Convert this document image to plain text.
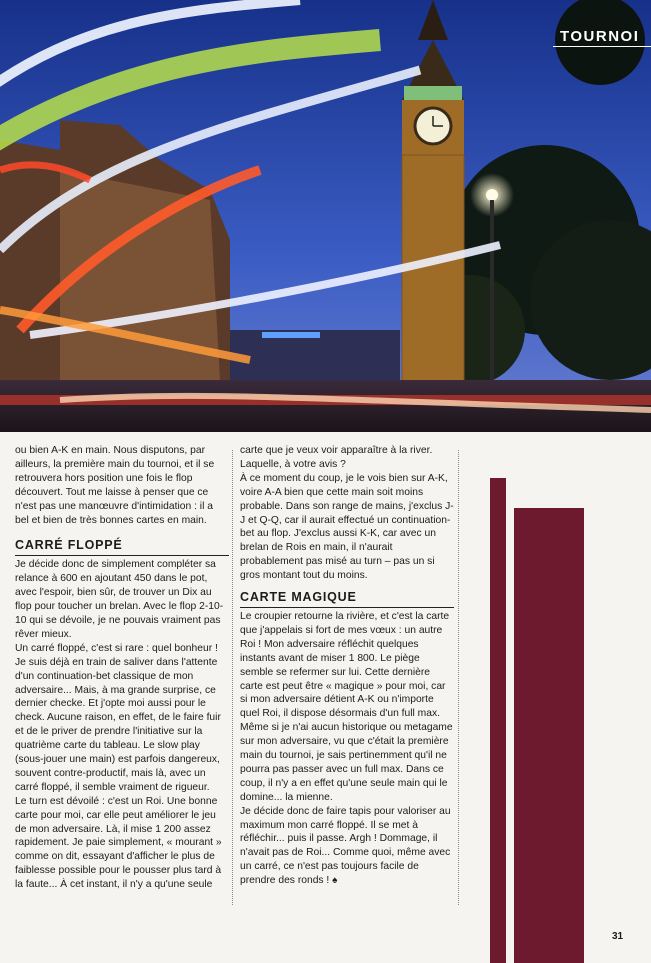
TOURNOI

ou bien A-K en main. Nous disputons, par ailleurs, la première main du tournoi, et il se retrouvera hors position une fois le flop découvert. Tout me laisse à penser que ce n'est pas une manœuvre d'intimidation : il a bel et bien de très bonnes cartes en main.

CARRÉ FLOPPÉ

Je décide donc de simplement compléter sa relance à 600 en ajoutant 450 dans le pot, avec l'espoir, bien sûr, de trouver un Dix au flop pour toucher un brelan. Avec le flop 2-10-10 qui se dévoile, je ne pouvais vraiment pas rêver mieux.

Un carré floppé, c'est si rare : quel bonheur ! Je suis déjà en train de saliver dans l'attente d'un continuation-bet classique de mon adversaire... Mais, à ma grande surprise, ce dernier checke. Et j'opte moi aussi pour le check. Aucune raison, en effet, de le faire fuir et de le priver de prendre l'initiative sur la quatrième carte du tableau. Le slow play (sous-jouer une main) est parfois dangereux, souvent contre-productif, mais là, avec un carré floppé, il semble vraiment de rigueur.

Le turn est dévoilé : c'est un Roi. Une bonne carte pour moi, car elle peut améliorer le jeu de mon adversaire. Là, il mise 1 200 assez rapidement. Je paie simplement, « mourant » comme on dit, essayant d'afficher le plus de faiblesse possible pour le pousser plus tard à la faute... À cet instant, il n'y a qu'une seule

carte que je veux voir apparaître à la river. Laquelle, à votre avis ?

À ce moment du coup, je le vois bien sur A-K, voire A-A bien que cette main soit moins probable. Dans son range de mains, j'exclus J-J et Q-Q, car il aurait effectué un continuation- bet au flop. J'exclus aussi K-K, car avec un brelan de Rois en main, il n'aurait probablement pas misé au turn – pas un si gros montant tout du moins.

CARTE MAGIQUE

Le croupier retourne la rivière, et c'est la carte que j'appelais si fort de mes vœux : un autre Roi ! Mon adversaire réfléchit quelques instants avant de miser 1 800. Le piège semble se refermer sur lui. Cette dernière carte est peut être « magique » pour moi, car si mon adversaire détient A-K ou n'importe quel Roi, il dispose désormais d'un full max. Même si je n'ai aucun historique ou metagame sur mon adversaire, vu que c'était la première main du tournoi, je sais pertinemment qu'il ne pourra pas passer avec un full max. Dans ce coup, il n'y a en effet qu'une seule main qui le domine... la mienne.

Je décide donc de faire tapis pour valoriser au maximum mon carré floppé. Il se met à réfléchir... puis il passe. Argh ! Dommage, il n'avait pas de Roi... Comme quoi, même avec un carré, ce n'est pas toujours facile de prendre des ronds ! ♠

31
